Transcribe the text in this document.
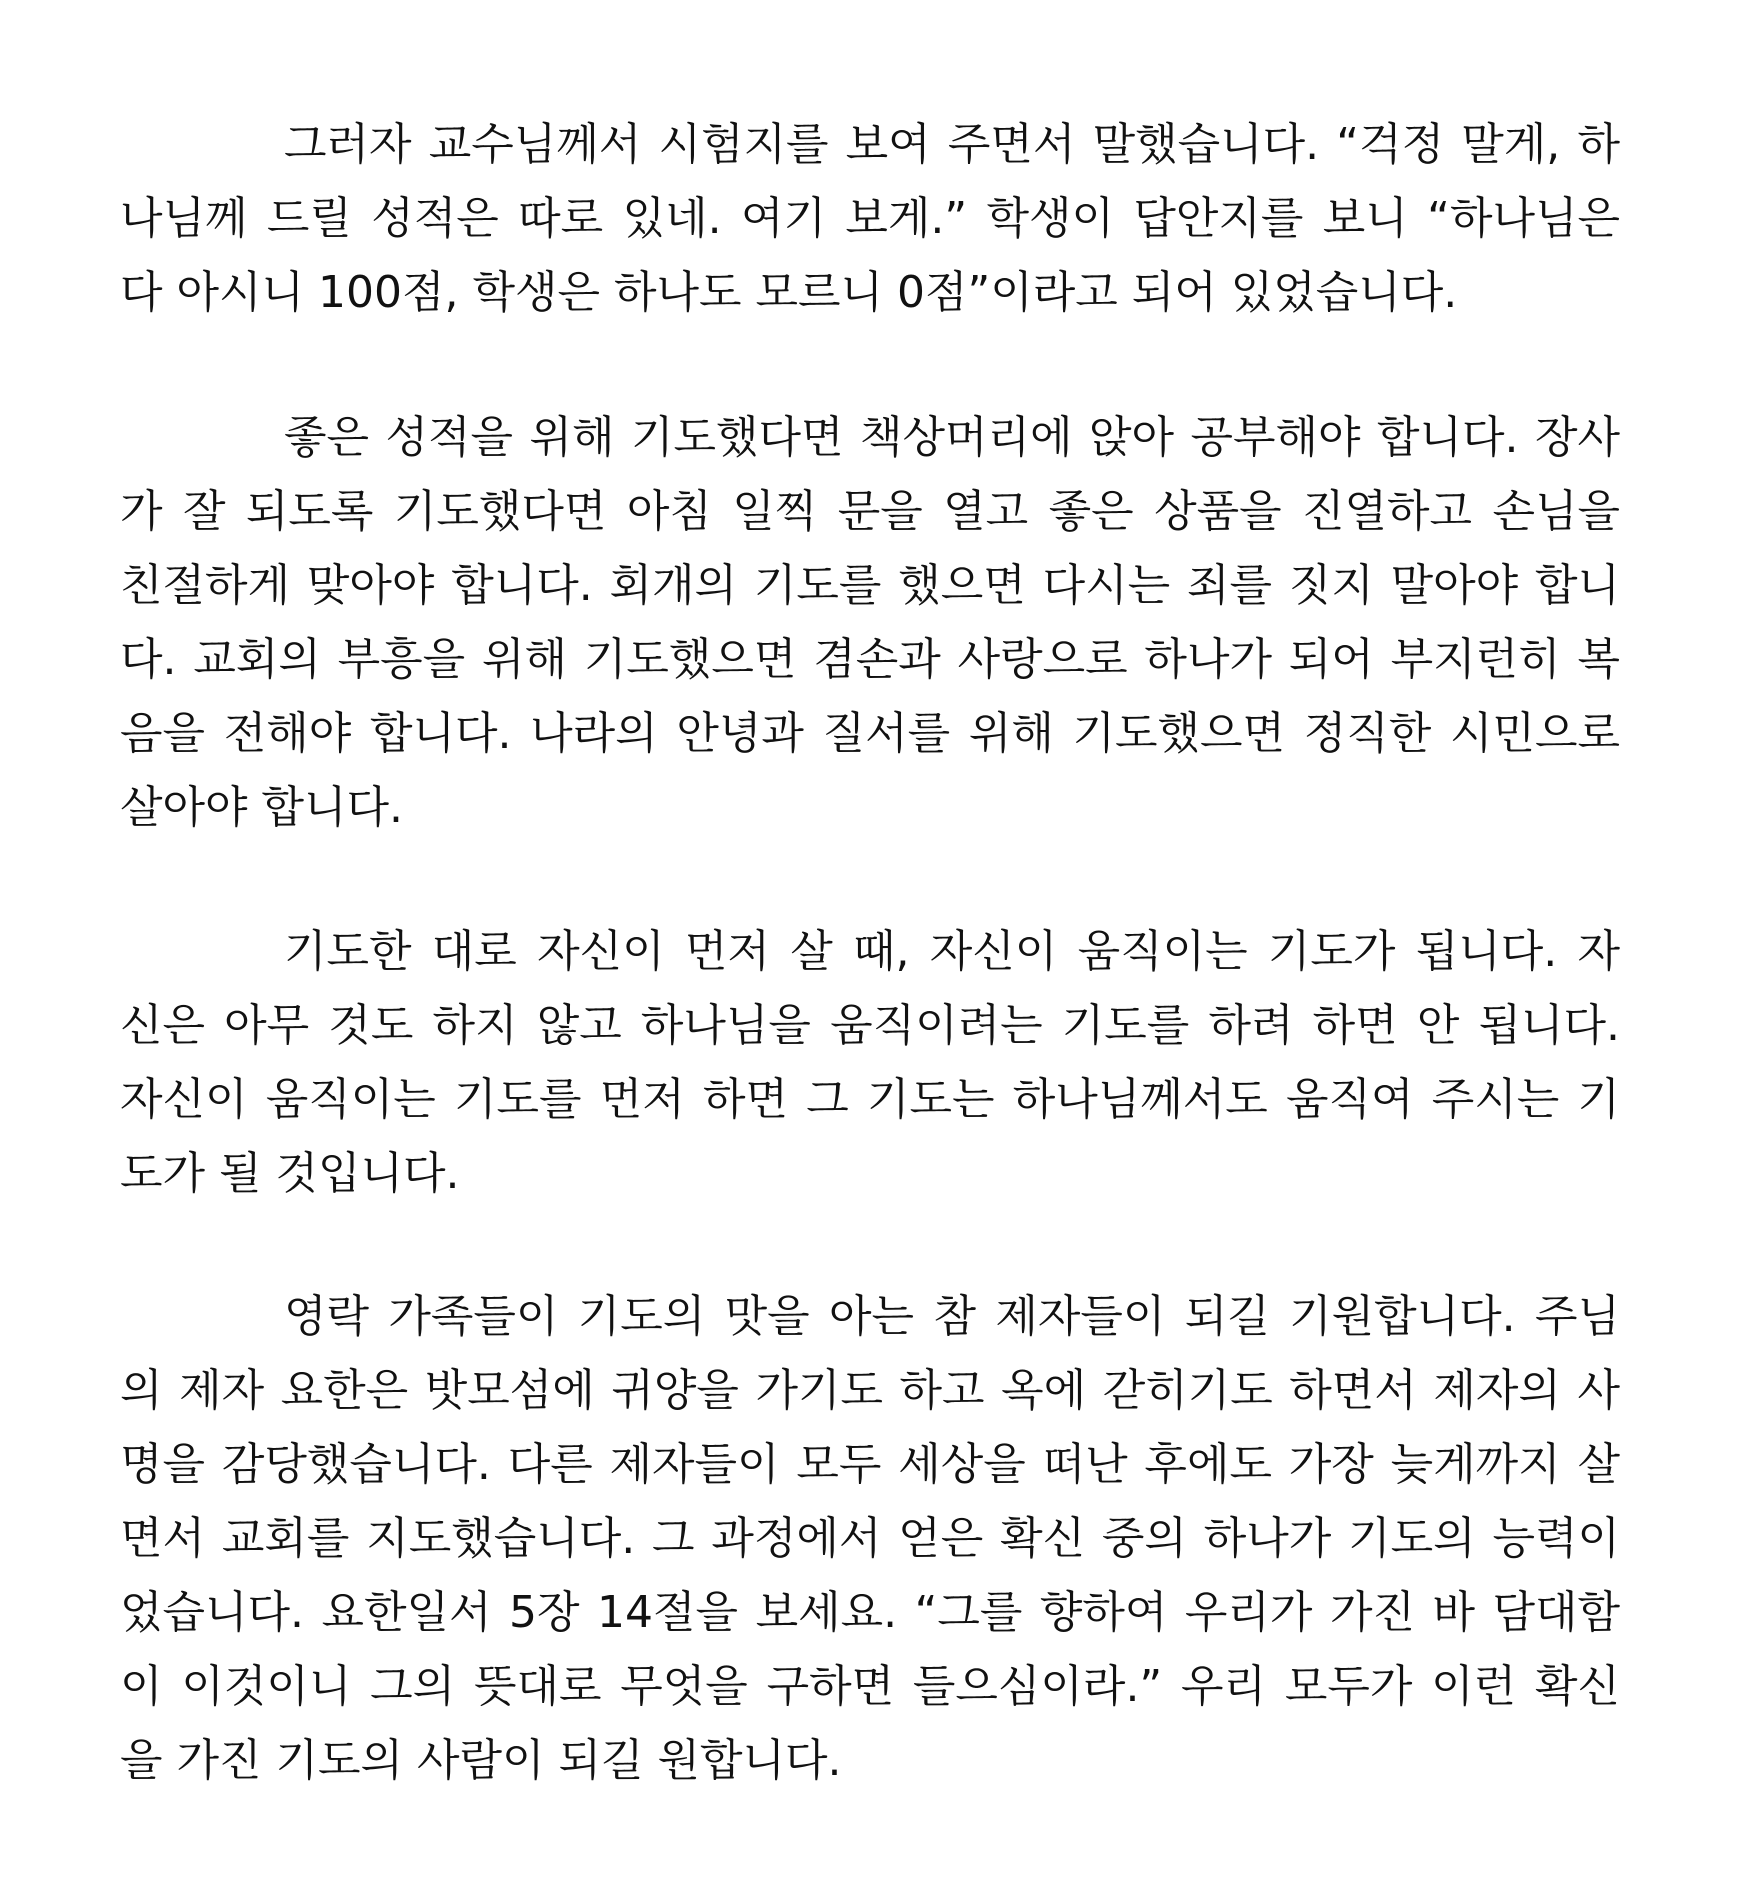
그러자 교수님께서 시험지를 보여 주면서 말했습니다. “걱정 말게, 하
나님께 드릴 성적은 따로 있네. 여기 보게.” 학생이 답안지를 보니 “하나님은
다 아시니 100점, 학생은 하나도 모르니 0점”이라고 되어 있었습니다.

좋은 성적을 위해 기도했다면 책상머리에 앉아 공부해야 합니다. 장사
가 잘 되도록 기도했다면 아침 일찍 문을 열고 좋은 상품을 진열하고 손님을
친절하게 맞아야 합니다. 회개의 기도를 했으면 다시는 죄를 짓지 말아야 합니
다. 교회의 부흥을 위해 기도했으면 겸손과 사랑으로 하나가 되어 부지런히 복
음을 전해야 합니다. 나라의 안녕과 질서를 위해 기도했으면 정직한 시민으로
살아야 합니다.

기도한 대로 자신이 먼저 살 때, 자신이 움직이는 기도가 됩니다. 자
신은 아무 것도 하지 않고 하나님을 움직이려는 기도를 하려 하면 안 됩니다.
자신이 움직이는 기도를 먼저 하면 그 기도는 하나님께서도 움직여 주시는 기
도가 될 것입니다.

영락 가족들이 기도의 맛을 아는 참 제자들이 되길 기원합니다. 주님
의 제자 요한은 밧모섬에 귀양을 가기도 하고 옥에 갇히기도 하면서 제자의 사
명을 감당했습니다. 다른 제자들이 모두 세상을 떠난 후에도 가장 늦게까지 살
면서 교회를 지도했습니다. 그 과정에서 얻은 확신 중의 하나가 기도의 능력이
었습니다. 요한일서 5장 14절을 보세요. “그를 향하여 우리가 가진 바 담대함
이 이것이니 그의 뜻대로 무엇을 구하면 들으심이라.” 우리 모두가 이런 확신
을 가진 기도의 사람이 되길 원합니다.
